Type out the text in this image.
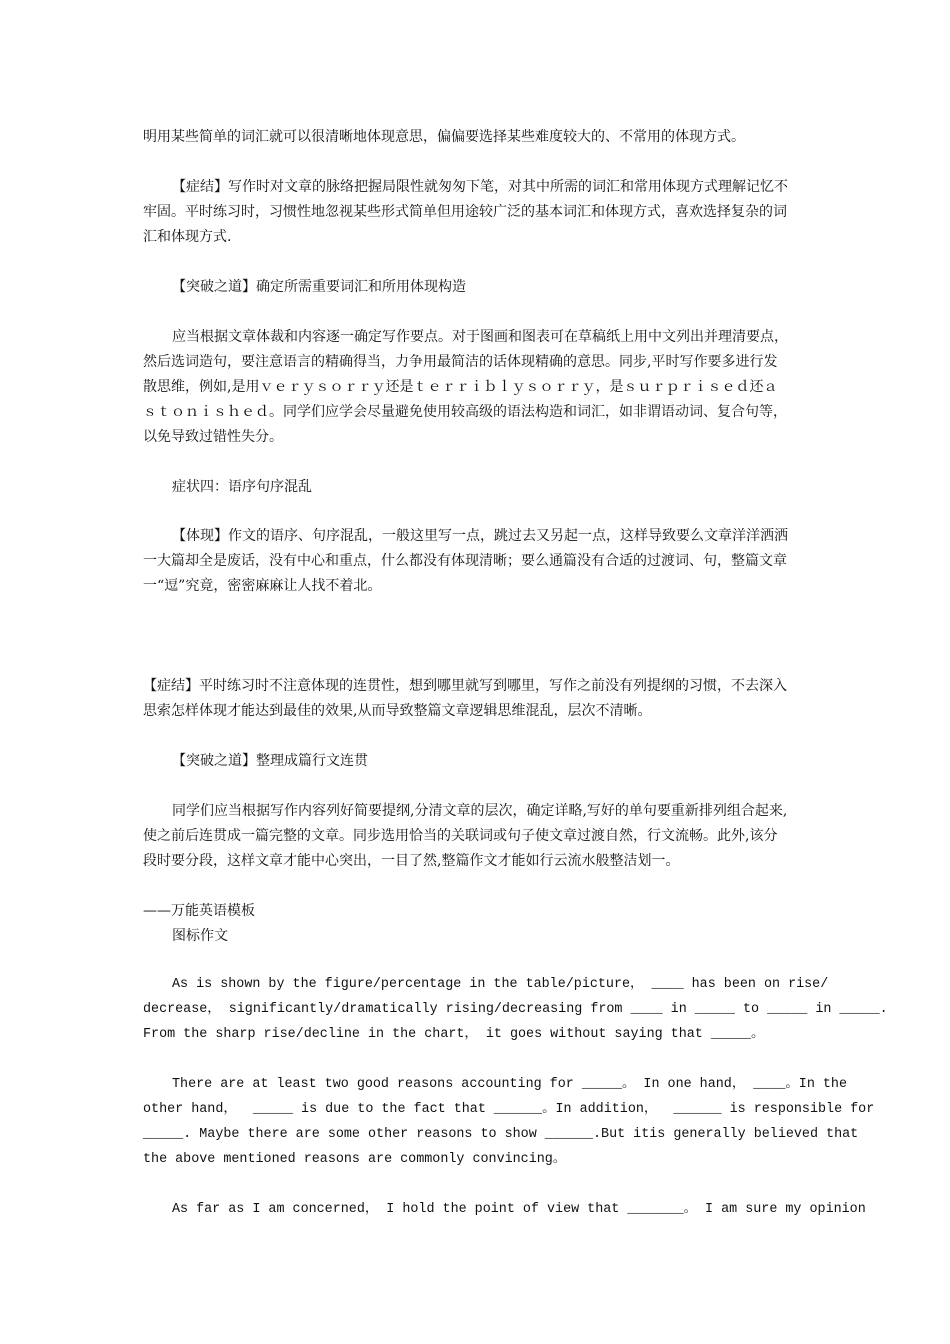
明用某些简单的词汇就可以很清晰地体现意思，偏偏要选择某些难度较大的、不常用的体现方式。
【症结】写作时对文章的脉络把握局限性就匆匆下笔，对其中所需的词汇和常用体现方式理解记忆不
牢固。平时练习时，习惯性地忽视某些形式简单但用途较广泛的基本词汇和体现方式，喜欢选择复杂的词
汇和体现方式.
【突破之道】确定所需重要词汇和所用体现构造
应当根据文章体裁和内容逐一确定写作要点。对于图画和图表可在草稿纸上用中文列出并理清要点，
然后选词造句，要注意语言的精确得当，力争用最简洁的话体现精确的意思。同步,平时写作要多进行发
散思维，例如,是用ｖｅｒｙｓｏｒｒｙ还是ｔｅｒｒｉｂｌｙｓｏｒｒｙ，是ｓｕｒｐｒｉｓｅｄ还ａ
ｓｔｏｎｉｓｈｅｄ。同学们应学会尽量避免使用较高级的语法构造和词汇，如非谓语动词、复合句等，
以免导致过错性失分。
症状四：语序句序混乱
【体现】作文的语序、句序混乱，一般这里写一点，跳过去又另起一点，这样导致要么文章洋洋洒洒
一大篇却全是废话，没有中心和重点，什么都没有体现清晰；要么通篇没有合适的过渡词、句，整篇文章
一“逗”究竟，密密麻麻让人找不着北。
【症结】平时练习时不注意体现的连贯性，想到哪里就写到哪里，写作之前没有列提纲的习惯，不去深入
思索怎样体现才能达到最佳的效果,从而导致整篇文章逻辑思维混乱，层次不清晰。
【突破之道】整理成篇行文连贯
同学们应当根据写作内容列好简要提纲,分清文章的层次，确定详略,写好的单句要重新排列组合起来,
使之前后连贯成一篇完整的文章。同步选用恰当的关联词或句子使文章过渡自然，行文流畅。此外,该分
段时要分段，这样文章才能中心突出，一目了然,整篇作文才能如行云流水般整洁划一。
——万能英语模板
图标作文
As is shown by the figure/percentage in the table/picture， ____ has been on rise/
decrease， significantly/dramatically rising/decreasing from ____ in _____ to _____ in _____.
From the sharp rise/decline in the chart， it goes without saying that _____。
There are at least two good reasons accounting for _____。 In one hand， ____。In the
other hand，  _____ is due to the fact that ______。In addition，  ______ is responsible for
_____. Maybe there are some other reasons to show ______.But itis generally believed that
the above mentioned reasons are commonly convincing。
As far as I am concerned， I hold the point of view that _______。 I am sure my opinion
